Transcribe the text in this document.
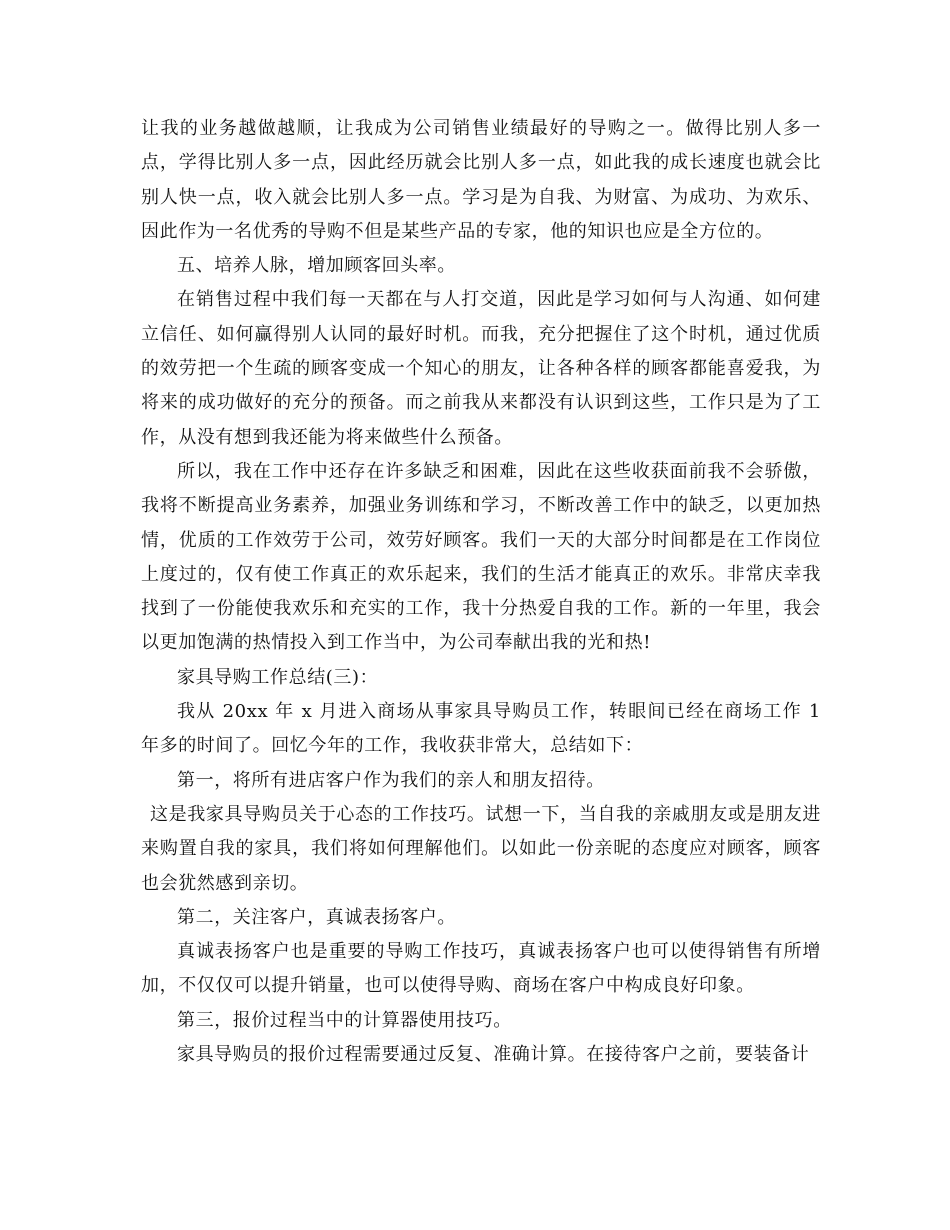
让我的业务越做越顺，让我成为公司销售业绩最好的导购之一。做得比别人多一点，学得比别人多一点，因此经历就会比别人多一点，如此我的成长速度也就会比别人快一点，收入就会比别人多一点。学习是为自我、为财富、为成功、为欢乐、因此作为一名优秀的导购不但是某些产品的专家，他的知识也应是全方位的。

五、培养人脉，增加顾客回头率。

在销售过程中我们每一天都在与人打交道，因此是学习如何与人沟通、如何建立信任、如何赢得别人认同的最好时机。而我，充分把握住了这个时机，通过优质的效劳把一个生疏的顾客变成一个知心的朋友，让各种各样的顾客都能喜爱我，为将来的成功做好的充分的预备。而之前我从来都没有认识到这些，工作只是为了工作，从没有想到我还能为将来做些什么预备。

所以，我在工作中还存在许多缺乏和困难，因此在这些收获面前我不会骄傲，我将不断提高业务素养，加强业务训练和学习，不断改善工作中的缺乏，以更加热情，优质的工作效劳于公司，效劳好顾客。我们一天的大部分时间都是在工作岗位上度过的，仅有使工作真正的欢乐起来，我们的生活才能真正的欢乐。非常庆幸我找到了一份能使我欢乐和充实的工作，我十分热爱自我的工作。新的一年里，我会以更加饱满的热情投入到工作当中，为公司奉献出我的光和热!

家具导购工作总结(三)：

我从 20xx 年 x 月进入商场从事家具导购员工作，转眼间已经在商场工作 1 年多的时间了。回忆今年的工作，我收获非常大，总结如下：

第一，将所有进店客户作为我们的亲人和朋友招待。

这是我家具导购员关于心态的工作技巧。试想一下，当自我的亲戚朋友或是朋友进来购置自我的家具，我们将如何理解他们。以如此一份亲昵的态度应对顾客，顾客也会犹然感到亲切。

第二，关注客户，真诚表扬客户。

真诚表扬客户也是重要的导购工作技巧，真诚表扬客户也可以使得销售有所增加，不仅仅可以提升销量，也可以使得导购、商场在客户中构成良好印象。

第三，报价过程当中的计算器使用技巧。

家具导购员的报价过程需要通过反复、准确计算。在接待客户之前，要装备计
